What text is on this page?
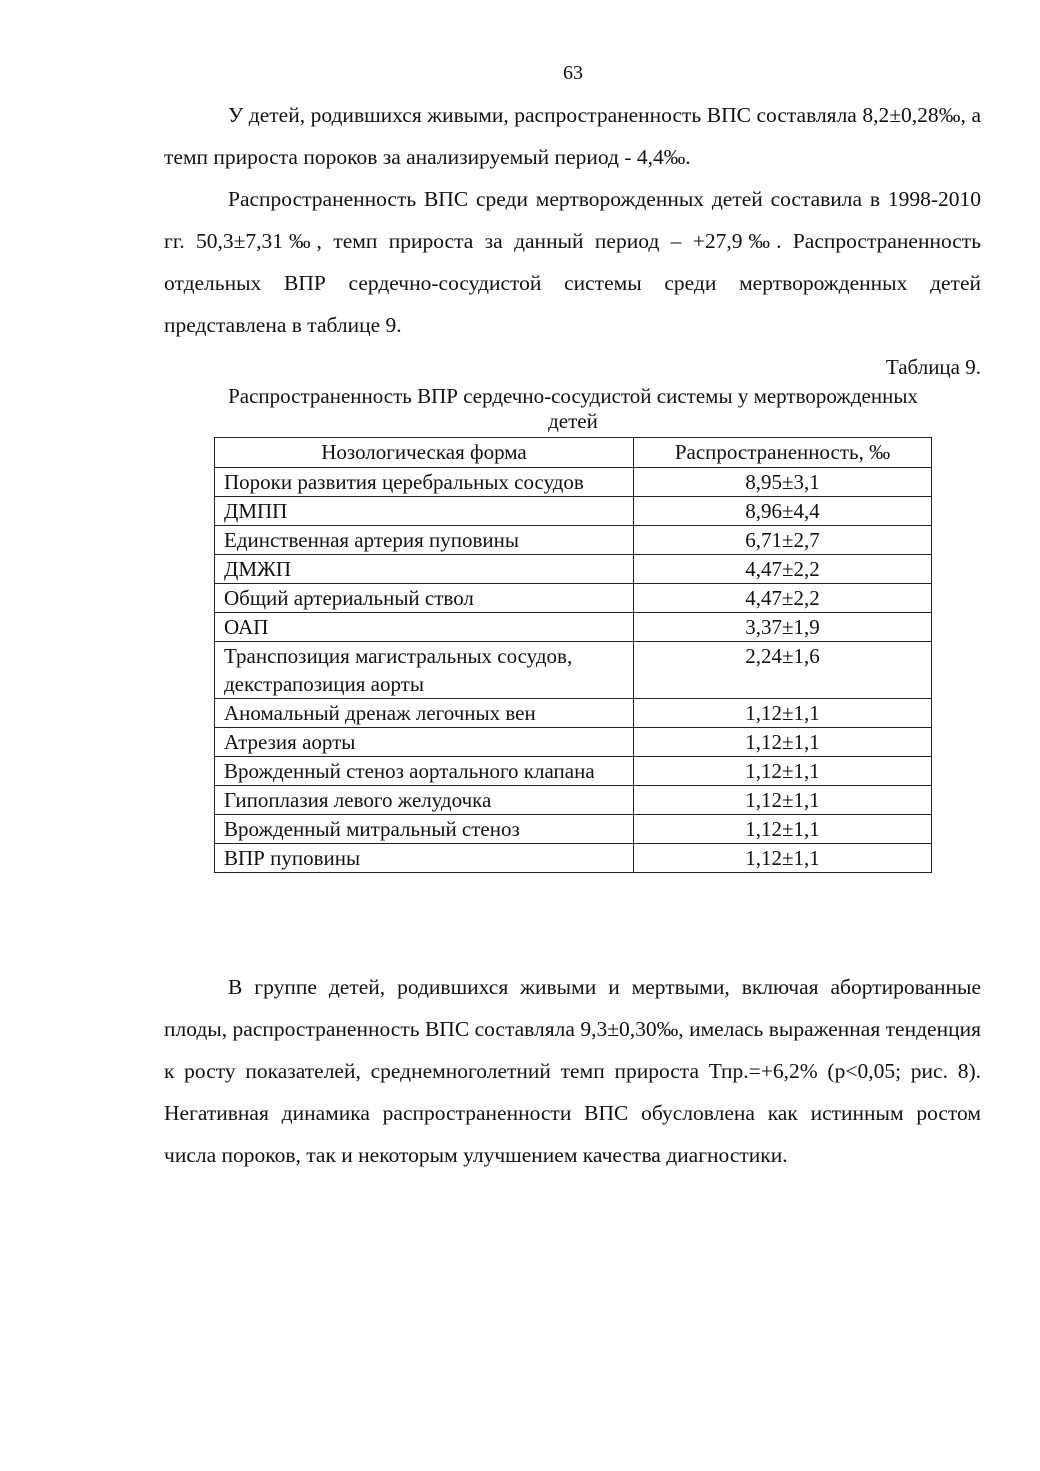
63

У детей, родившихся живыми, распространенность ВПС составляла 8,2±0,28‰, а темп прироста пороков за анализируемый период - 4,4‰.

Распространенность ВПС среди мертворожденных детей составила в 1998-2010 гг. 50,3±7,31‰, темп прироста за данный период – +27,9‰. Распространенность отдельных ВПР сердечно-сосудистой системы среди мертворожденных детей представлена в таблице 9.

Таблица 9.
Распространенность ВПР сердечно-сосудистой системы у мертворожденных детей
Нозологическая форма	Распространенность, ‰
Пороки развития церебральных сосудов	8,95±3,1
ДМПП	8,96±4,4
Единственная артерия пуповины	6,71±2,7
ДМЖП	4,47±2,2
Общий артериальный ствол	4,47±2,2
ОАП	3,37±1,9
Транспозиция магистральных сосудов, декстрапозиция аорты	2,24±1,6
Аномальный дренаж легочных вен	1,12±1,1
Атрезия аорты	1,12±1,1
Врожденный стеноз аортального клапана	1,12±1,1
Гипоплазия левого желудочка	1,12±1,1
Врожденный митральный стеноз	1,12±1,1
ВПР пуповины	1,12±1,1

В группе детей, родившихся живыми и мертвыми, включая абортированные плоды, распространенность ВПС составляла 9,3±0,30‰, имелась выраженная тенденция к росту показателей, среднемноголетний темп прироста Тпр.=+6,2% (p<0,05; рис. 8). Негативная динамика распространенности ВПС обусловлена как истинным ростом числа пороков, так и некоторым улучшением качества диагностики.
